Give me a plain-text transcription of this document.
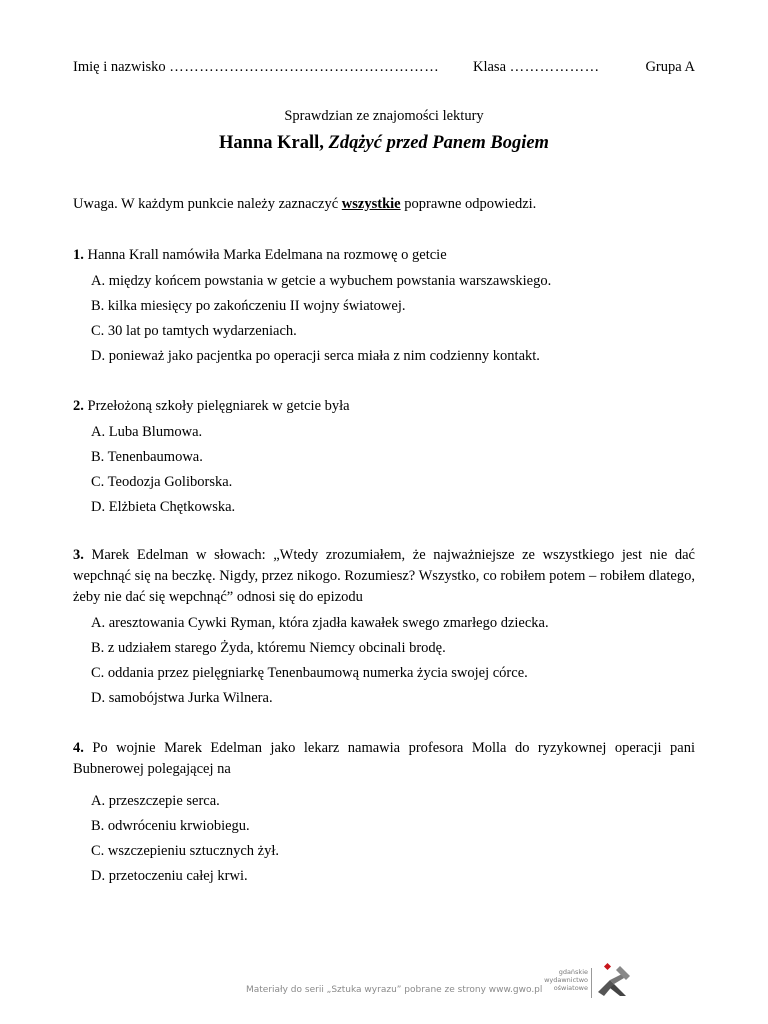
Imię i nazwisko ……………………………………………… Klasa ………………	Grupa A
Sprawdzian ze znajomości lektury
Hanna Krall, Zdążyć przed Panem Bogiem
Uwaga. W każdym punkcie należy zaznaczyć wszystkie poprawne odpowiedzi.
1. Hanna Krall namówiła Marka Edelmana na rozmowę o getcie
A. między końcem powstania w getcie a wybuchem powstania warszawskiego.
B. kilka miesięcy po zakończeniu II wojny światowej.
C. 30 lat po tamtych wydarzeniach.
D. ponieważ jako pacjentka po operacji serca miała z nim codzienny kontakt.
2. Przełożoną szkoły pielęgniarek w getcie była
A. Luba Blumowa.
B. Tenenbaumowa.
C. Teodozja Goliborska.
D. Elżbieta Chętkowska.
3. Marek Edelman w słowach: „Wtedy zrozumiałem, że najważniejsze ze wszystkiego jest nie dać wepchnąć się na beczkę. Nigdy, przez nikogo. Rozumiesz? Wszystko, co robiłem potem – robiłem dlatego, żeby nie dać się wepchnąć” odnosi się do epizodu
A. aresztowania Cywki Ryman, która zjadła kawałek swego zmarłego dziecka.
B. z udziałem starego Żyda, któremu Niemcy obcinali brodę.
C. oddania przez pielęgniarkę Tenenbaumową numerka życia swojej córce.
D. samobójstwa Jurka Wilnera.
4. Po wojnie Marek Edelman jako lekarz namawia profesora Molla do ryzykownej operacji pani Bubnerowej polegającej na
A. przeszczepie serca.
B. odwróceniu krwiobiegu.
C. wszczepieniu sztucznych żył.
D. przetoczeniu całej krwi.
Materiały do serii „Sztuka wyrazu” pobrane ze strony www.gwo.pl
gdańskie
wydawnictwo
oświatowe
